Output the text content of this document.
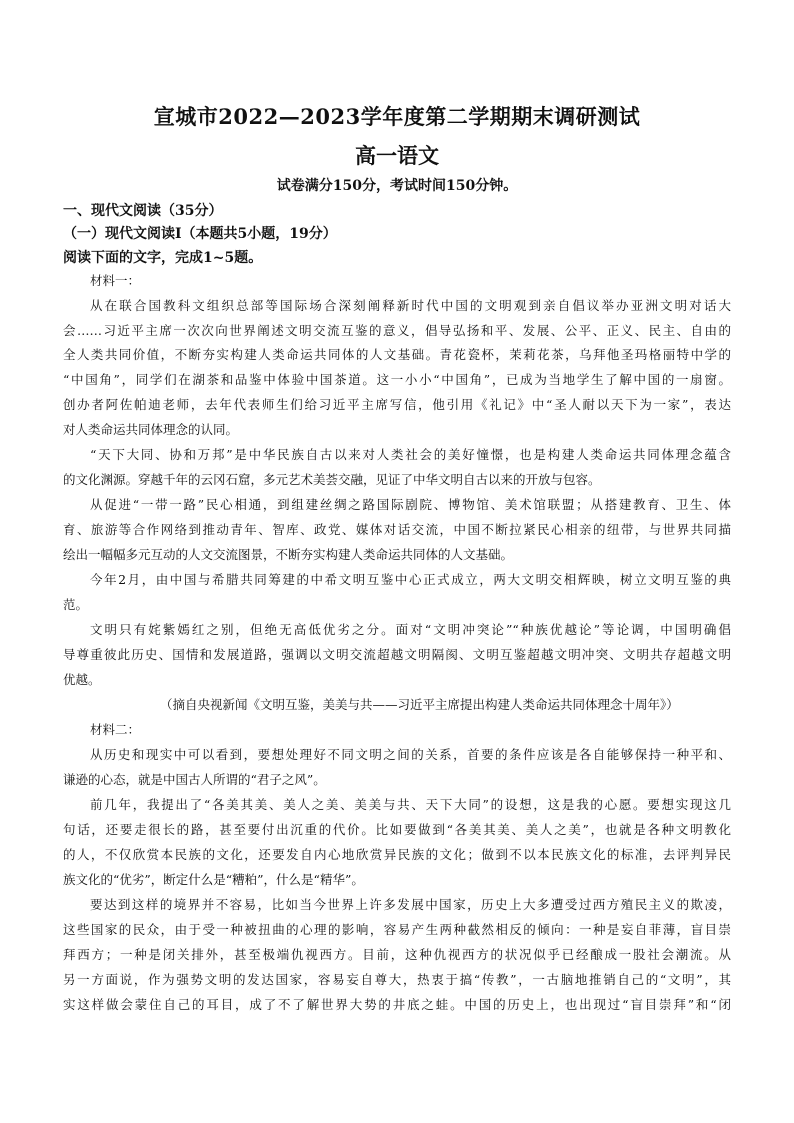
宣城市2022—2023学年度第二学期期末调研测试
高一语文
试卷满分150分，考试时间150分钟。
一、现代文阅读（35分）
（一）现代文阅读Ⅰ（本题共5小题，19分）
阅读下面的文字，完成1~5题。
材料一：
从在联合国教科文组织总部等国际场合深刻阐释新时代中国的文明观到亲自倡议举办亚洲文明对话大
会……习近平主席一次次向世界阐述文明交流互鉴的意义，倡导弘扬和平、发展、公平、正义、民主、自由的
全人类共同价值，不断夯实构建人类命运共同体的人文基础。青花瓷杯，茉莉花茶，乌拜他圣玛格丽特中学的
“中国角”，同学们在湖茶和品鉴中体验中国茶道。这一小小“中国角”，已成为当地学生了解中国的一扇窗。
创办者阿佐帕迪老师，去年代表师生们给习近平主席写信，他引用《礼记》中“圣人耐以天下为一家”，表达
对人类命运共同体理念的认同。
“天下大同、协和万邦”是中华民族自古以来对人类社会的美好憧憬，也是构建人类命运共同体理念蕴含
的文化渊源。穿越千年的云冈石窟，多元艺术美荟交融，见证了中华文明自古以来的开放与包容。
从促进“一带一路”民心相通，到组建丝绸之路国际剧院、博物馆、美术馆联盟；从搭建教育、卫生、体
育、旅游等合作网络到推动青年、智库、政党、媒体对话交流，中国不断拉紧民心相亲的纽带，与世界共同描
绘出一幅幅多元互动的人文交流图景，不断夯实构建人类命运共同体的人文基础。
今年2月，由中国与希腊共同筹建的中希文明互鉴中心正式成立，两大文明交相辉映，树立文明互鉴的典
范。
文明只有姹紫嫣红之别，但绝无高低优劣之分。面对“文明冲突论”“种族优越论”等论调，中国明确倡
导尊重彼此历史、国情和发展道路，强调以文明交流超越文明隔阂、文明互鉴超越文明冲突、文明共存超越文明
优越。
（摘自央视新闻《文明互鉴，美美与共——习近平主席提出构建人类命运共同体理念十周年》）
材料二：
从历史和现实中可以看到，要想处理好不同文明之间的关系，首要的条件应该是各自能够保持一种平和、
谦逊的心态，就是中国古人所谓的“君子之风”。
前几年，我提出了“各美其美、美人之美、美美与共、天下大同”的设想，这是我的心愿。要想实现这几
句话，还要走很长的路，甚至要付出沉重的代价。比如要做到“各美其美、美人之美”，也就是各种文明教化
的人，不仅欣赏本民族的文化，还要发自内心地欣赏异民族的文化；做到不以本民族文化的标准，去评判异民
族文化的“优劣”，断定什么是“糟粕”，什么是“精华”。
要达到这样的境界并不容易，比如当今世界上许多发展中国家，历史上大多遭受过西方殖民主义的欺凌，
这些国家的民众，由于受一种被扭曲的心理的影响，容易产生两种截然相反的倾向：一种是妄自菲薄，盲目崇
拜西方；一种是闭关排外，甚至极端仇视西方。目前，这种仇视西方的状况似乎已经酿成一股社会潮流。从
另一方面说，作为强势文明的发达国家，容易妄自尊大，热衷于搞“传教”，一古脑地推销自己的“文明”，其
实这样做会蒙住自己的耳目，成了不了解世界大势的井底之蛙。中国的历史上，也出现过“盲目崇拜”和“闭
